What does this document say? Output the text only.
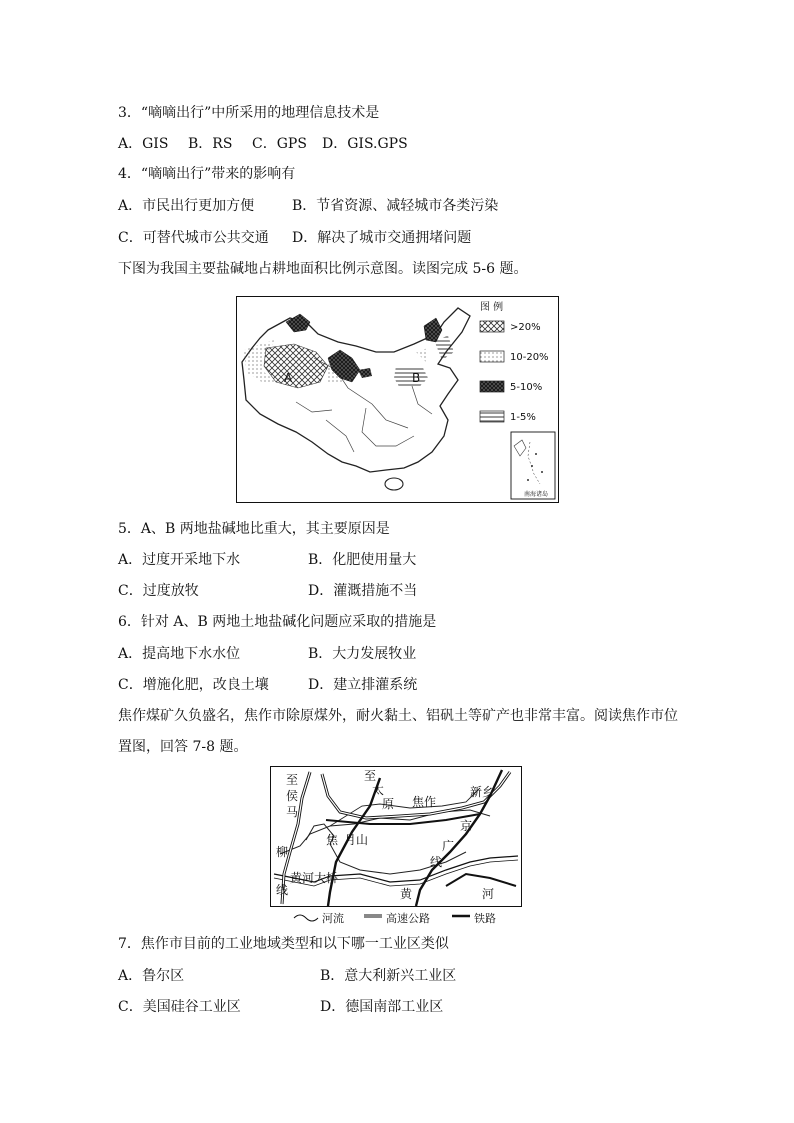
3．“嘀嘀出行”中所采用的地理信息技术是
A．GIS B．RS C．GPS D．GIS.GPS
4．“嘀嘀出行”带来的影响有
A．市民出行更加方便	B．节省资源、减轻城市各类污染
C．可替代城市公共交通 D．解决了城市交通拥堵问题
下图为我国主要盐碱地占耕地面积比例示意图。读图完成 5-6 题。
A	B
图 例
>20%
10-20%
5-10%
1-5%
南海诸岛
5．A、B 两地盐碱地比重大，其主要原因是
A．过度开采地下水	B．化肥使用量大
C．过度放牧	D．灌溉措施不当
6．针对 A、B 两地土地盐碱化问题应采取的措施是
A．提高地下水水位	B．大力发展牧业
C．增施化肥，改良土壤	D．建立排灌系统
焦作煤矿久负盛名，焦作市除原煤外，耐火黏土、铝矾土等矿产也非常丰富。阅读焦作市位
置图，回答 7-8 题。
至
侯
马
至
太
原 焦作
新乡
焦 月山
京
广
线
柳
线
黄河大桥
黄	河
河流	高速公路	铁路
7．焦作市目前的工业地域类型和以下哪一工业区类似
A．鲁尔区	B．意大利新兴工业区
C．美国硅谷工业区	D．德国南部工业区
